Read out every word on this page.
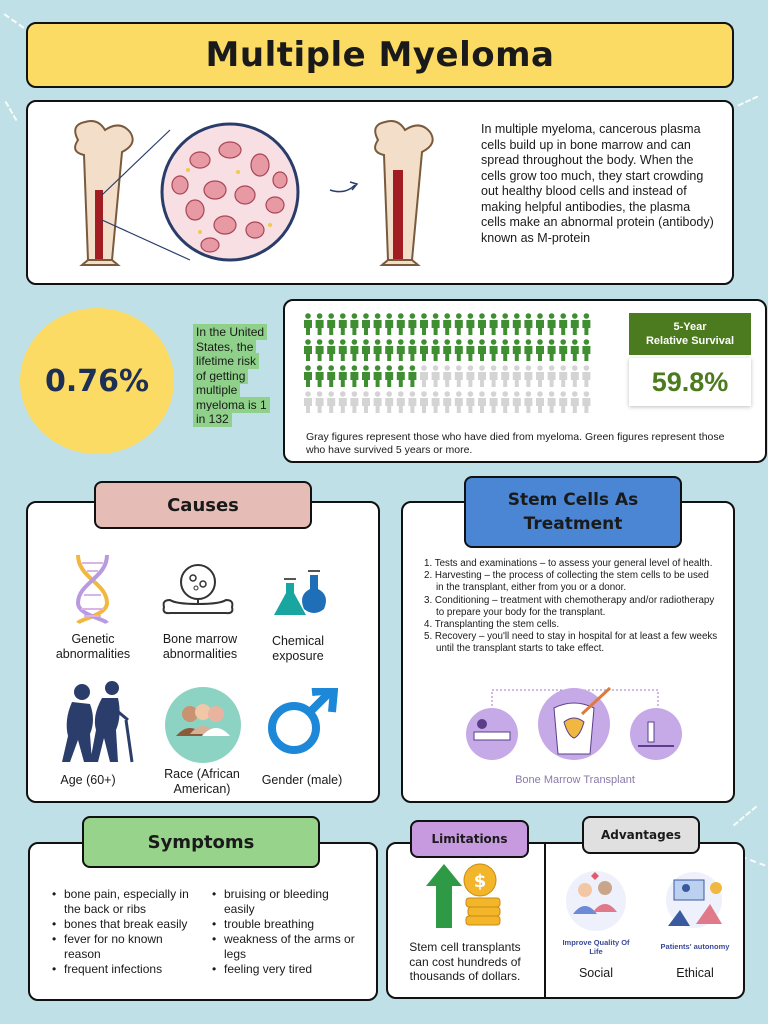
Multiple Myeloma
In multiple myeloma, cancerous plasma cells build up in bone marrow and can spread throughout the body. When the cells grow too much, they start crowding out healthy blood cells and instead of making helpful antibodies, the plasma cells make an abnormal protein (antibody) known as M-protein
0.76%
In the United States, the lifetime risk of getting multiple myeloma is 1 in 132
5-Year
Relative Survival
59.8%
Gray figures represent those who have died from myeloma. Green figures represent those who have survived 5 years or more.
Causes
Genetic abnormalities
Bone marrow abnormalities
Chemical exposure
Age (60+)	Race (African American)
Gender (male)
Stem Cells As
Treatment
1. Tests and examinations – to assess your general level of health.
2. Harvesting – the process of collecting the stem cells to be used in the transplant, either from you or a donor.
3. Conditioning – treatment with chemotherapy and/or radiotherapy to prepare your body for the transplant.
4. Transplanting the stem cells.
5. Recovery – you'll need to stay in hospital for at least a few weeks until the transplant starts to take effect.
Bone Marrow Transplant
Symptoms
• bone pain, especially in the back or ribs
• bones that break easily
• fever for no known reason
• frequent infections
• bruising or bleeding easily
• trouble breathing
• weakness of the arms or legs
• feeling very tired
Limitations	Advantages
$
Stem cell transplants can cost hundreds of thousands of dollars.
Improve Quality Of Life
Social
Patients' autonomy
Ethical
